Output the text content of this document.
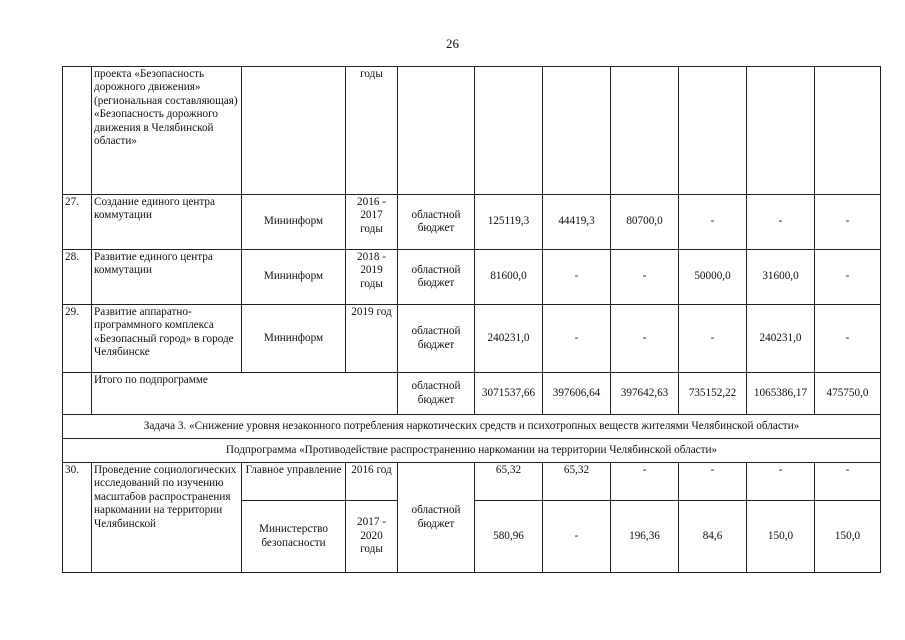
26
	проекта «Безопасность дорожного движения» (региональная составляющая) «Безопасность дорожного движения в Челябинской области»		годы							
27.	Создание единого центра коммутации	Мининформ	2016 - 2017 годы	областной бюджет	125119,3	44419,3	80700,0	-	-	-
28.	Развитие единого центра коммутации	Мининформ	2018 - 2019 годы	областной бюджет	81600,0	-	-	50000,0	31600,0	-
29.	Развитие аппаратно-программного комплекса «Безопасный город» в городе Челябинске	Мининформ	2019 год	областной бюджет	240231,0	-	-	-	240231,0	-
	Итого по подпрограмме			областной бюджет	3071537,66	397606,64	397642,63	735152,22	1065386,17	475750,0
Задача 3. «Снижение уровня незаконного потребления наркотических средств и психотропных веществ жителями Челябинской области»										
Подпрограмма «Противодействие распространению наркомании на территории Челябинской области»										
30.	Проведение социологических исследований по изучению масштабов распространения наркомании на территории Челябинской	Главное управление	2016 год	областной бюджет	65,32	65,32	-	-	-	-
		Министерство безопасности	2017 - 2020 годы		580,96	-	196,36	84,6	150,0	150,0
